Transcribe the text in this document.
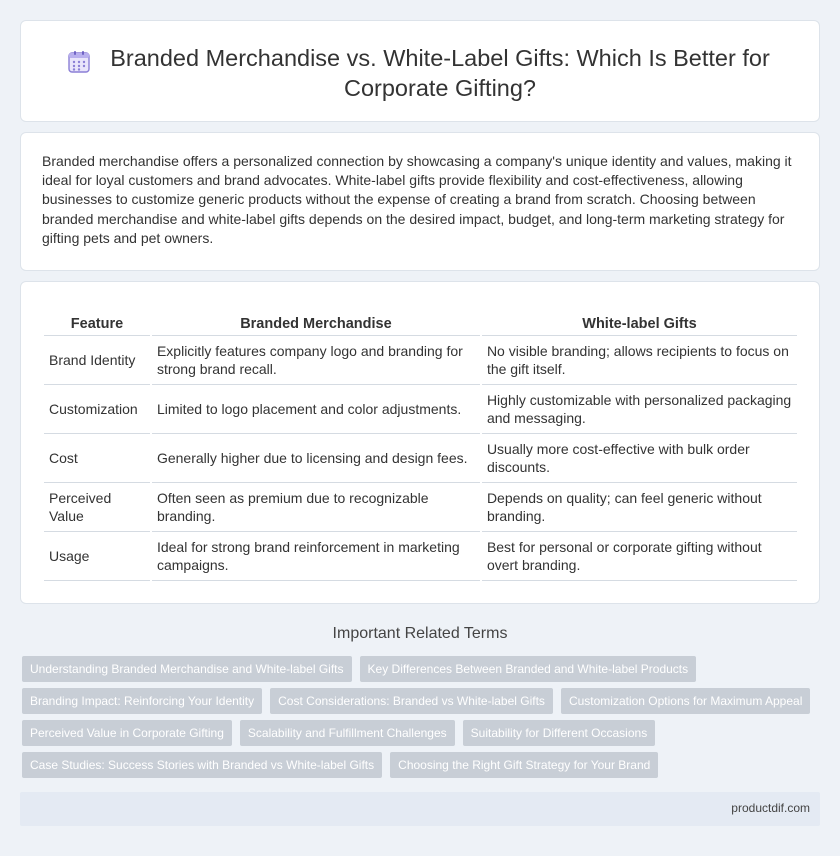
Branded Merchandise vs. White-Label Gifts: Which Is Better for Corporate Gifting?

Branded merchandise offers a personalized connection by showcasing a company's unique identity and values, making it ideal for loyal customers and brand advocates. White-label gifts provide flexibility and cost-effectiveness, allowing businesses to customize generic products without the expense of creating a brand from scratch. Choosing between branded merchandise and white-label gifts depends on the desired impact, budget, and long-term marketing strategy for gifting pets and pet owners.

Feature	Branded Merchandise	White-label Gifts
Brand Identity	Explicitly features company logo and branding for strong brand recall.	No visible branding; allows recipients to focus on the gift itself.
Customization	Limited to logo placement and color adjustments.	Highly customizable with personalized packaging and messaging.
Cost	Generally higher due to licensing and design fees.	Usually more cost-effective with bulk order discounts.
Perceived Value	Often seen as premium due to recognizable branding.	Depends on quality; can feel generic without branding.
Usage	Ideal for strong brand reinforcement in marketing campaigns.	Best for personal or corporate gifting without overt branding.
Important Related Terms
Understanding Branded Merchandise and White-label Gifts	Key Differences Between Branded and White-label Products
Branding Impact: Reinforcing Your Identity	Cost Considerations: Branded vs White-label Gifts	Customization Options for Maximum Appeal
Perceived Value in Corporate Gifting	Scalability and Fulfillment Challenges	Suitability for Different Occasions
Case Studies: Success Stories with Branded vs White-label Gifts	Choosing the Right Gift Strategy for Your Brand
productdif.com
